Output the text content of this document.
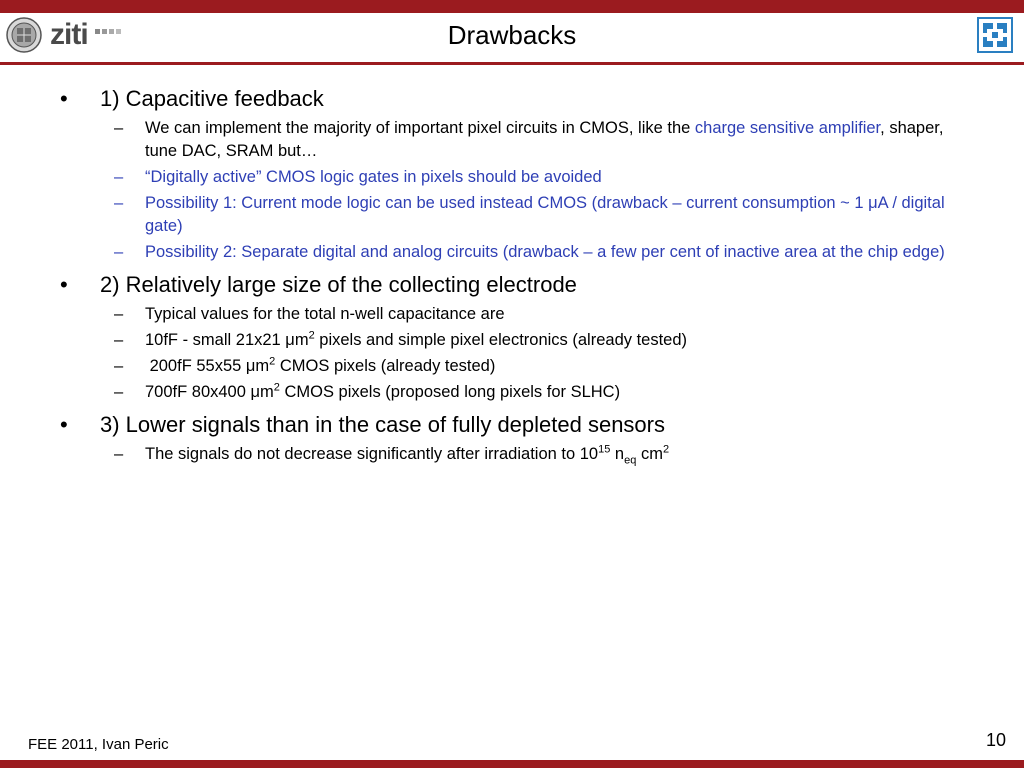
ziti	Drawbacks
• 1) Capacitive feedback
– We can implement the majority of important pixel circuits in CMOS, like the charge sensitive amplifier, shaper, tune DAC, SRAM but…
– “Digitally active” CMOS logic gates in pixels should be avoided
– Possibility 1: Current mode logic can be used instead CMOS (drawback – current consumption ~ 1 μA / digital gate)
– Possibility 2: Separate digital and analog circuits (drawback – a few per cent of inactive area at the chip edge)
• 2) Relatively large size of the collecting electrode
– Typical values for the total n-well capacitance are
– 10fF - small 21x21 $\mu m^2$ pixels and simple pixel electronics (already tested)
– 200fF 55x55 $\mu m^2$ CMOS pixels (already tested)
– 700fF 80x400 $\mu m^2$ CMOS pixels (proposed long pixels for SLHC)
• 3) Lower signals than in the case of fully depleted sensors
– The signals do not decrease significantly after irradiation to $10^{15}$ $n_{eq}$ $cm^2$
FEE 2011, Ivan Peric	10
